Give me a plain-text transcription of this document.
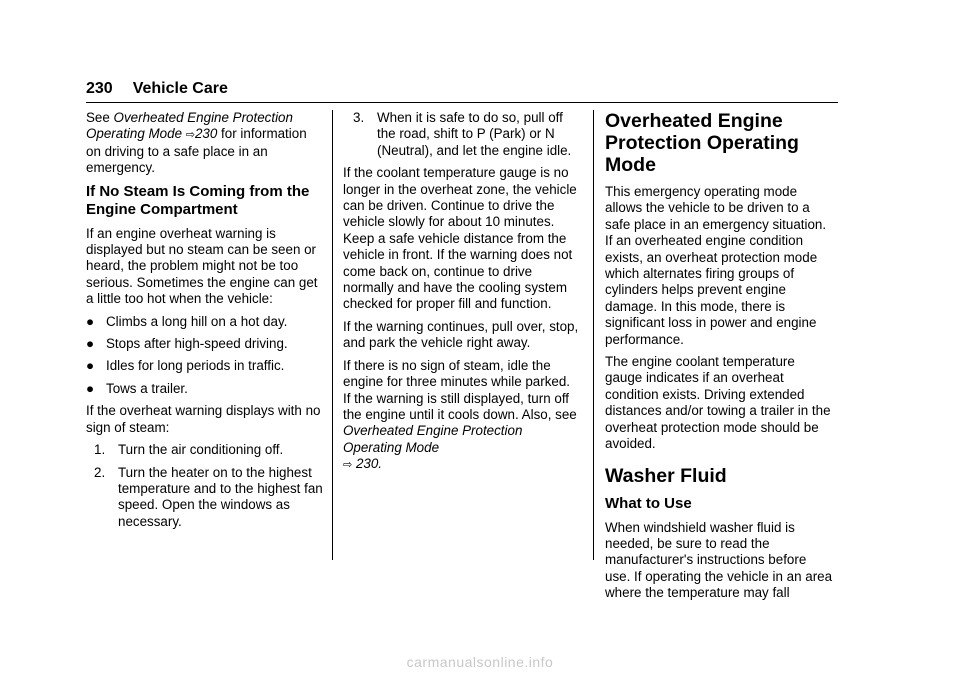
230 Vehicle Care

See Overheated Engine Protection Operating Mode ⇨230 for information on driving to a safe place in an emergency.

If No Steam Is Coming from the Engine Compartment

If an engine overheat warning is displayed but no steam can be seen or heard, the problem might not be too serious. Sometimes the engine can get a little too hot when the vehicle:

● Climbs a long hill on a hot day.
● Stops after high-speed driving.
● Idles for long periods in traffic.
● Tows a trailer.

If the overheat warning displays with no sign of steam:

1. Turn the air conditioning off.
2. Turn the heater on to the highest temperature and to the highest fan speed. Open the windows as necessary.
3. When it is safe to do so, pull off the road, shift to P (Park) or N (Neutral), and let the engine idle.

If the coolant temperature gauge is no longer in the overheat zone, the vehicle can be driven. Continue to drive the vehicle slowly for about 10 minutes. Keep a safe vehicle distance from the vehicle in front. If the warning does not come back on, continue to drive normally and have the cooling system checked for proper fill and function.

If the warning continues, pull over, stop, and park the vehicle right away.

If there is no sign of steam, idle the engine for three minutes while parked. If the warning is still displayed, turn off the engine until it cools down. Also, see Overheated Engine Protection Operating Mode
⇨ 230.

Overheated Engine Protection Operating Mode

This emergency operating mode allows the vehicle to be driven to a safe place in an emergency situation. If an overheated engine condition exists, an overheat protection mode which alternates firing groups of cylinders helps prevent engine damage. In this mode, there is significant loss in power and engine performance.

The engine coolant temperature gauge indicates if an overheat condition exists. Driving extended distances and/or towing a trailer in the overheat protection mode should be avoided.

Washer Fluid
What to Use

When windshield washer fluid is needed, be sure to read the manufacturer's instructions before use. If operating the vehicle in an area where the temperature may fall

carmanualsonline.info
